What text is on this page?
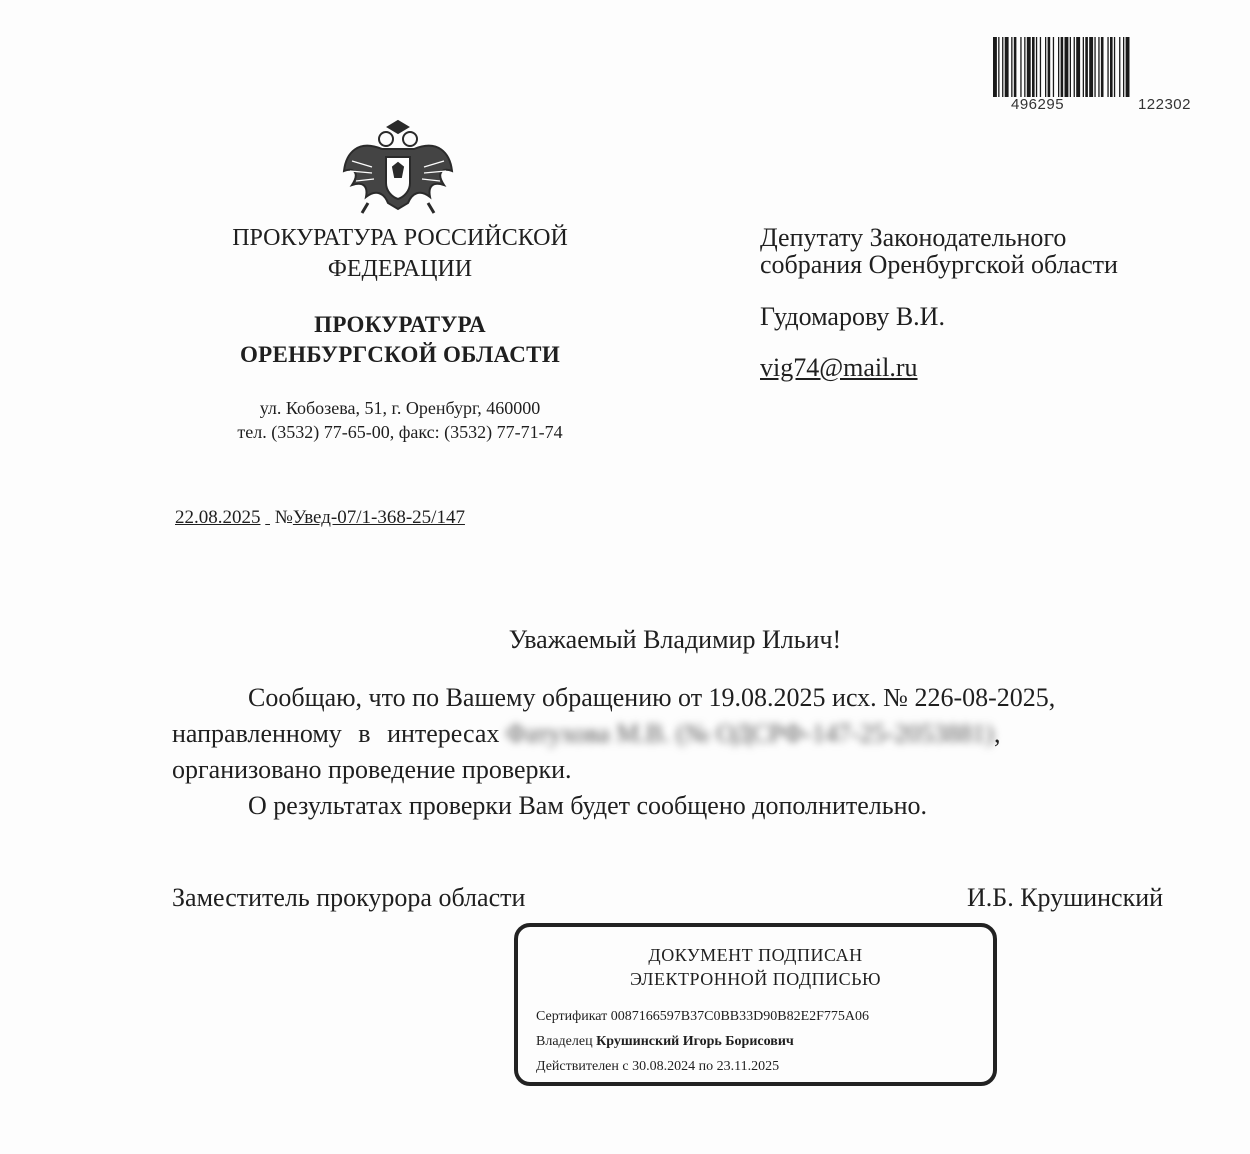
496295	122302
ПРОКУРАТУРА РОССИЙСКОЙ
ФЕДЕРАЦИИ
ПРОКУРАТУРА
ОРЕНБУРГСКОЙ ОБЛАСТИ
ул. Кобозева, 51, г. Оренбург, 460000
тел. (3532) 77-65-00, факс: (3532) 77-71-74
22.08.2025 №Увед-07/1-368-25/147
Депутату Законодательного
собрания Оренбургской области
Гудомарову В.И.
vig74@mail.ru
Уважаемый Владимир Ильич!
Сообщаю, что по Вашему обращению от 19.08.2025 исх. № 226-08-2025,
направленному в интересах Фатухова М.В. (№ ОДСРФ-147-25-2053881),
организовано проведение проверки.
О результатах проверки Вам будет сообщено дополнительно.
Заместитель прокурора области	И.Б. Крушинский
ДОКУМЕНТ ПОДПИСАН
ЭЛЕКТРОННОЙ ПОДПИСЬЮ
Сертификат 0087166597B37C0BB33D90B82E2F775A06
Владелец Крушинский Игорь Борисович
Действителен с 30.08.2024 по 23.11.2025
